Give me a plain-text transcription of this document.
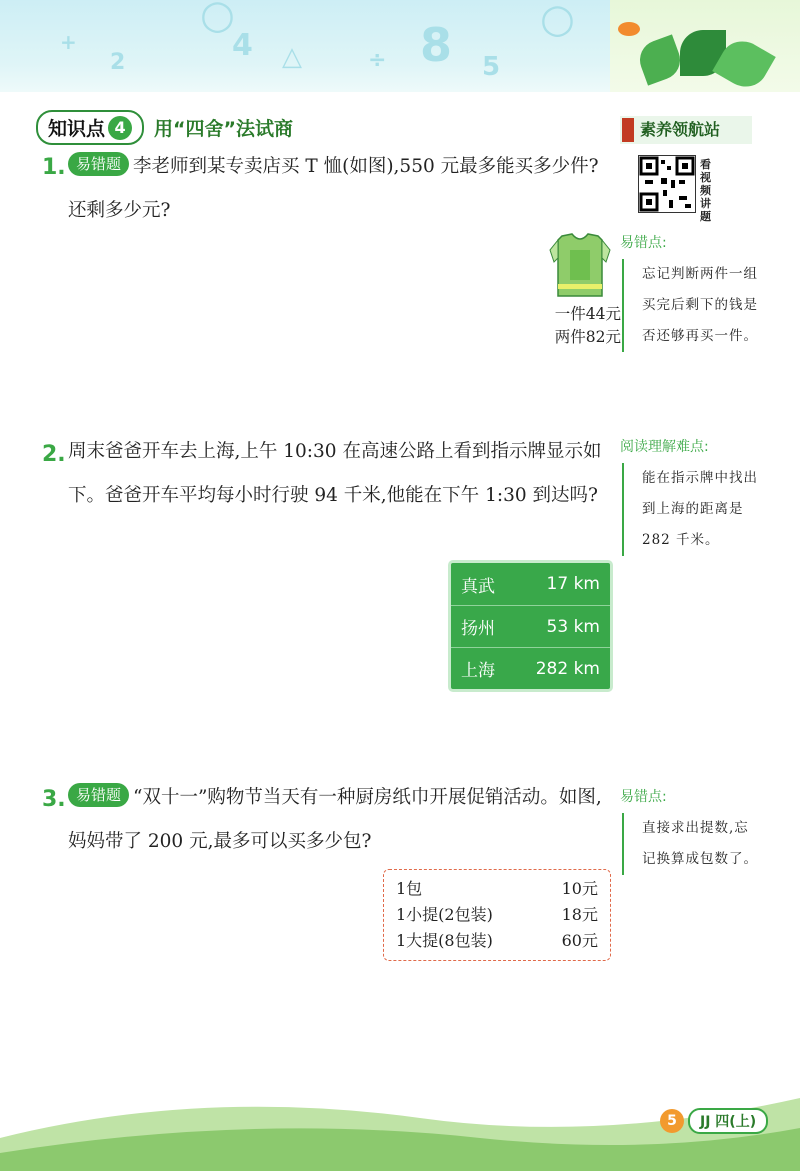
+
2
○
4 △	÷ 8 5
○
知识点 4	用“四舍”法试商	素养领航站
看视频讲题
1. 易错题 李老师到某专卖店买 T 恤(如图),550 元最多能买多少件? 还剩多少元?
一件44元
两件82元
易错点:
忘记判断两件一组买完后剩下的钱是否还够再买一件。
2. 周末爸爸开车去上海,上午 10:30 在高速公路上看到指示牌显示如下。爸爸开车平均每小时行驶 94 千米,他能在下午 1:30 到达吗?
真武	17 km
扬州	53 km
上海 282 km
阅读理解难点:
能在指示牌中找出到上海的距离是 282 千米。
3. 易错题 “双十一”购物节当天有一种厨房纸巾开展促销活动。如图,妈妈带了 200 元,最多可以买多少包?
1包	10元
1小提(2包装)	18元
1大提(8包装)	60元
易错点:
直接求出提数,忘记换算成包数了。
5	JJ 四(上)
